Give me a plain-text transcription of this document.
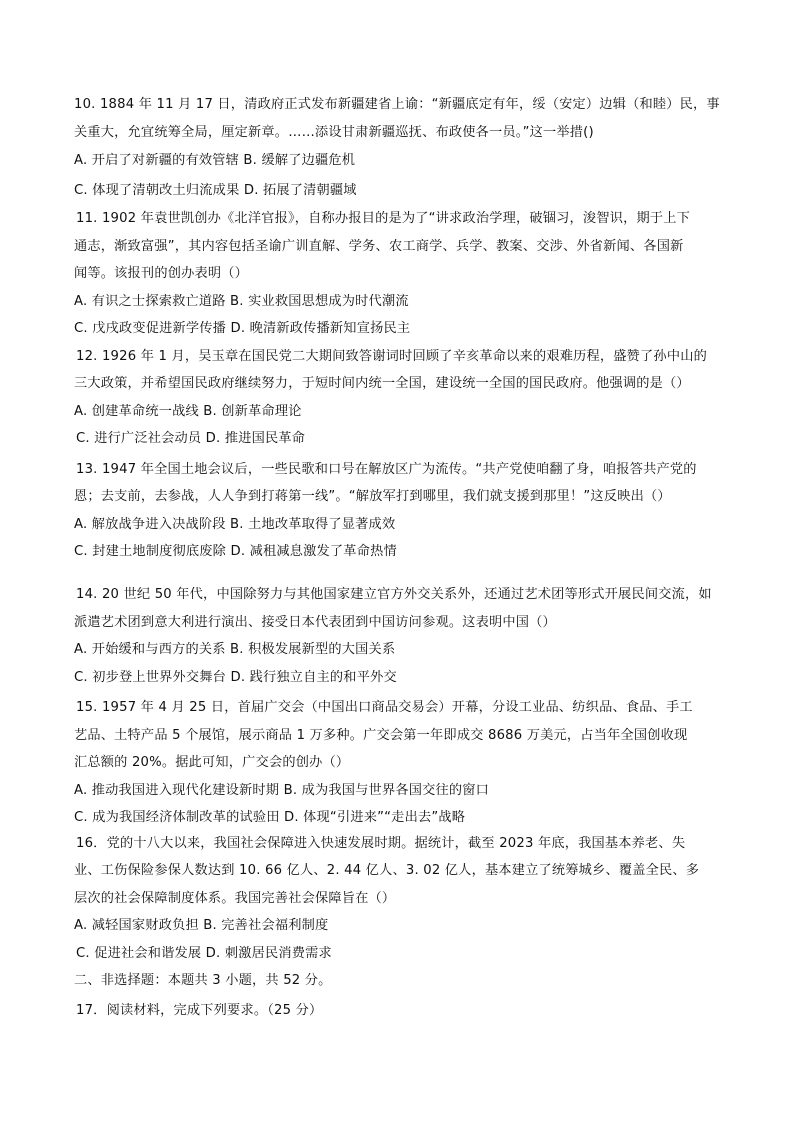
10. 1884 年 11 月 17 日，清政府正式发布新疆建省上谕：“新疆底定有年，绥（安定）边辑（和睦）民，事
关重大，允宜统筹全局，厘定新章。……添设甘肃新疆巡抚、布政使各一员。”这一举措()
A. 开启了对新疆的有效管辖 B. 缓解了边疆危机
C. 体现了清朝改土归流成果 D. 拓展了清朝疆域
11. 1902 年袁世凯创办《北洋官报》，自称办报目的是为了“讲求政治学理，破锢习，浚智识，期于上下
通志，渐致富强”，其内容包括圣谕广训直解、学务、农工商学、兵学、教案、交涉、外省新闻、各国新
闻等。该报刊的创办表明（）
A. 有识之士探索救亡道路 B. 实业救国思想成为时代潮流
C. 戊戌政变促进新学传播 D. 晚清新政传播新知宣扬民主
12. 1926 年 1 月，吴玉章在国民党二大期间致答谢词时回顾了辛亥革命以来的艰难历程，盛赞了孙中山的
三大政策，并希望国民政府继续努力，于短时间内统一全国，建设统一全国的国民政府。他强调的是（）
A. 创建革命统一战线 B. 创新革命理论
C. 进行广泛社会动员 D. 推进国民革命
13. 1947 年全国土地会议后，一些民歌和口号在解放区广为流传。“共产党使咱翻了身，咱报答共产党的
恩；去支前，去参战，人人争到打蒋第一线”。“解放军打到哪里，我们就支援到那里！”这反映出（）
A. 解放战争进入决战阶段 B. 土地改革取得了显著成效
C. 封建土地制度彻底废除 D. 减租减息激发了革命热情
14. 20 世纪 50 年代，中国除努力与其他国家建立官方外交关系外，还通过艺术团等形式开展民间交流，如
派遣艺术团到意大利进行演出、接受日本代表团到中国访问参观。这表明中国（）
A. 开始缓和与西方的关系 B. 积极发展新型的大国关系
C. 初步登上世界外交舞台 D. 践行独立自主的和平外交
15. 1957 年 4 月 25 日，首届广交会（中国出口商品交易会）开幕，分设工业品、纺织品、食品、手工
艺品、土特产品 5 个展馆，展示商品 1 万多种。广交会第一年即成交 8686 万美元，占当年全国创收现
汇总额的 20%。据此可知，广交会的创办（）
A. 推动我国进入现代化建设新时期 B. 成为我国与世界各国交往的窗口
C. 成为我国经济体制改革的试验田 D. 体现“引进来”“走出去”战略
16．党的十八大以来，我国社会保障进入快速发展时期。据统计，截至 2023 年底，我国基本养老、失
业、工伤保险参保人数达到 10. 66 亿人、2. 44 亿人、3. 02 亿人，基本建立了统筹城乡、覆盖全民、多
层次的社会保障制度体系。我国完善社会保障旨在（）
A. 减轻国家财政负担 B. 完善社会福利制度
C. 促进社会和谐发展 D. 刺激居民消费需求
二、非选择题：本题共 3 小题，共 52 分。
17．阅读材料，完成下列要求。（25 分）
